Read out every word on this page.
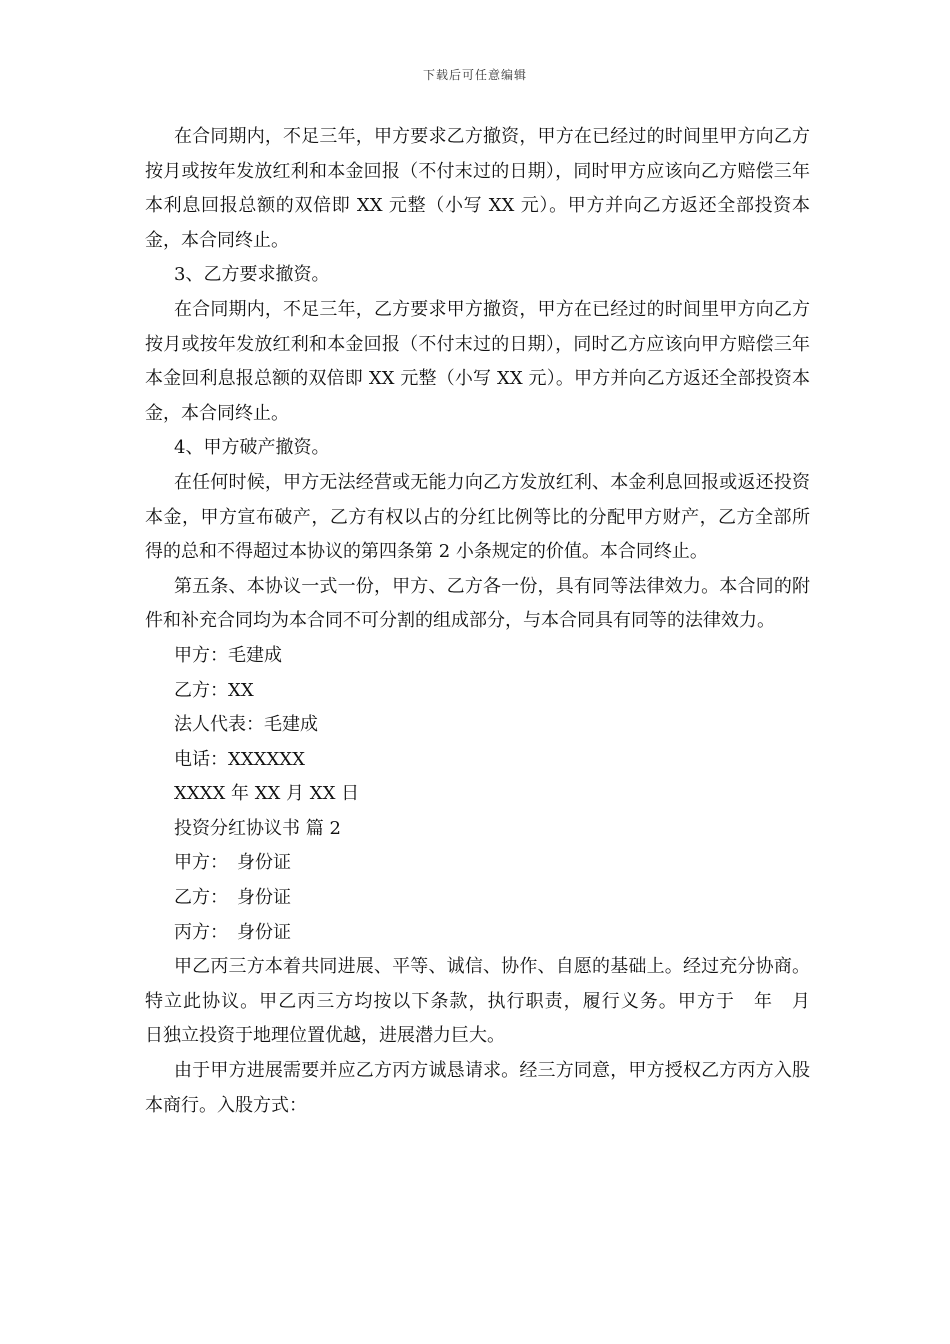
下载后可任意编辑

在合同期内，不足三年，甲方要求乙方撤资，甲方在已经过的时间里甲方向乙方按月或按年发放红利和本金回报（不付末过的日期），同时甲方应该向乙方赔偿三年本利息回报总额的双倍即 XX 元整（小写 XX 元）。甲方并向乙方返还全部投资本金，本合同终止。

3、乙方要求撤资。

在合同期内，不足三年，乙方要求甲方撤资，甲方在已经过的时间里甲方向乙方按月或按年发放红利和本金回报（不付末过的日期），同时乙方应该向甲方赔偿三年本金回利息报总额的双倍即 XX 元整（小写 XX 元）。甲方并向乙方返还全部投资本金，本合同终止。

4、甲方破产撤资。

在任何时候，甲方无法经营或无能力向乙方发放红利、本金利息回报或返还投资本金，甲方宣布破产，乙方有权以占的分红比例等比的分配甲方财产，乙方全部所得的总和不得超过本协议的第四条第 2 小条规定的价值。本合同终止。

第五条、本协议一式一份，甲方、乙方各一份，具有同等法律效力。本合同的附件和补充合同均为本合同不可分割的组成部分，与本合同具有同等的法律效力。

甲方：毛建成

乙方：XX

法人代表：毛建成

电话：XXXXXX

XXXX 年 XX 月 XX 日

投资分红协议书 篇 2

甲方：　身份证

乙方：　身份证

丙方：　身份证

甲乙丙三方本着共同进展、平等、诚信、协作、自愿的基础上。经过充分协商。特立此协议。甲乙丙三方均按以下条款，执行职责，履行义务。甲方于　年　月　日独立投资于地理位置优越，进展潜力巨大。

由于甲方进展需要并应乙方丙方诚恳请求。经三方同意，甲方授权乙方丙方入股本商行。入股方式：
